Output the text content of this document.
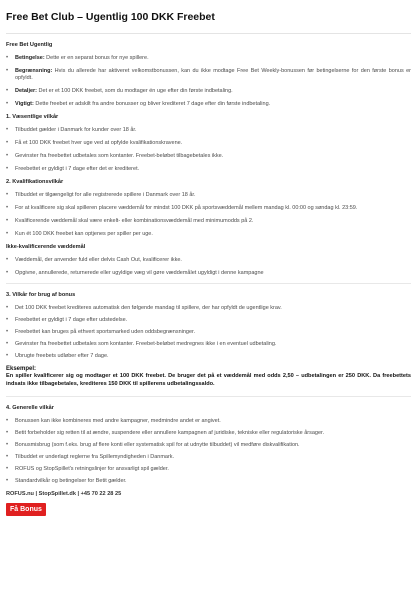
Free Bet Club – Ugentlig 100 DKK Freebet
Free Bet Ugentlig
• Betingelse: Dette er en separat bonus for nye spillere.
• Begrænsning: Hvis du allerede har aktiveret velkomstbonussen, kan du ikke modtage Free Bet Weekly-bonussen før betingelserne for den første bonus er opfyldt.
• Detaljer: Det er et 100 DKK freebet, som du modtager én uge efter din første indbetaling.
• Vigtigt: Dette freebet er adskilt fra andre bonusser og bliver krediteret 7 dage efter din første indbetaling.
1. Væsentlige vilkår
• Tilbuddet gælder i Danmark for kunder over 18 år.
• Få et 100 DKK freebet hver uge ved at opfylde kvalifikationskravene.
• Gevinster fra freebettet udbetales som kontanter. Freebet-beløbet tilbagebetales ikke.
• Freebettet er gyldigt i 7 dage efter det er krediteret.
2. Kvalifikationsvilkår
• Tilbuddet er tilgængeligt for alle registrerede spillere i Danmark over 18 år.
• For at kvalificere sig skal spilleren placere væddemål for mindst 100 DKK på sportsvæddemål mellem mandag kl. 00:00 og søndag kl. 23:59.
• Kvalificerende væddemål skal være enkelt- eller kombinationsvæddemål med minimumodds på 2.
• Kun ét 100 DKK freebet kan optjenes per spiller per uge.
Ikke-kvalificerende væddemål
• Væddemål, der anvender fuld eller delvis Cash Out, kvalificerer ikke.
• Opgivne, annullerede, returnerede eller ugyldige væg vil gøre væddemålet ugyldigt i denne kampagne
3. Vilkår for brug af bonus
• Det 100 DKK freebet krediteres automatisk den følgende mandag til spillere, der har opfyldt de ugentlige krav.
• Freebettet er gyldigt i 7 dage efter udstedelse.
• Freebettet kan bruges på ethvert sportsmarked uden oddsbegrænsninger.
• Gevinster fra freebettet udbetales som kontanter. Freebet-beløbet medregnes ikke i en eventuel udbetaling.
• Ubrugte freebets udløber efter 7 dage.
Eksempel:
En spiller kvalificerer sig og modtager et 100 DKK freebet. De bruger det på et væddemål med odds 2,50 – udbetalingen er 250 DKK. Da freebettets indsats ikke tilbagebetales, krediteres 150 DKK til spillerens udbetalingssaldo.
4. Generelle vilkår
• Bonussen kan ikke kombineres med andre kampagner, medmindre andet er angivet.
• Betit forbeholder sig retten til at ændre, suspendere eller annullere kampagnen af juridiske, tekniske eller regulatoriske årsager.
• Bonusmisbrug (som f.eks. brug af flere konti eller systematisk spil for at udnytte tilbuddet) vil medføre diskvalifikation.
• Tilbuddet er underlagt reglerne fra Spillemyndigheden i Danmark.
• ROFUS og StopSpillet's retningslinjer for ansvarligt spil gælder.
• Standardvilkår og betingelser for Betit gælder.
ROFUS.nu | StopSpillet.dk | +45 70 22 28 25
Få Bonus
